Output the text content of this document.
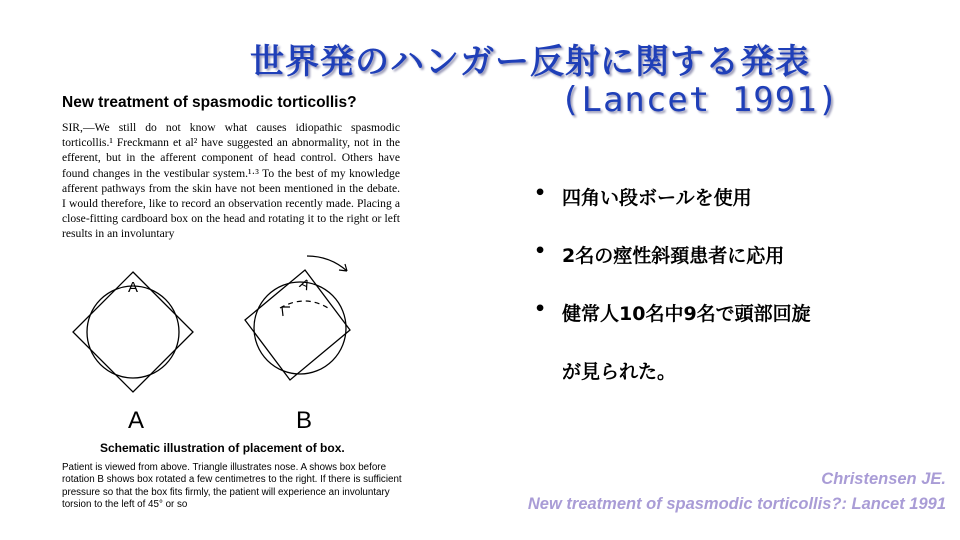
世界発のハンガー反射に関する発表
(Lancet 1991)
New treatment of spasmodic torticollis?
SIR,—We still do not know what causes idiopathic spasmodic torticollis.¹ Freckmann et al² have suggested an abnormality, not in the efferent, but in the afferent component of head control. Others have found changes in the vestibular system.¹·³ To the best of my knowledge afferent pathways from the skin have not been mentioned in the debate. I would therefore, like to record an observation recently made. Placing a close-fitting cardboard box on the head and rotating it to the right or left results in an involuntary
A
A
A
B
Schematic illustration of placement of box.
Patient is viewed from above. Triangle illustrates nose. A shows box before rotation B shows box rotated a few centimetres to the right. If there is sufficient pressure so that the box fits firmly, the patient will experience an involuntary torsion to the left of 45° or so
• 四角い段ボールを使用
• 2名の痙性斜頚患者に応用
• 健常人10名中9名で頭部回旋
が見られた。
Christensen JE.
New treatment of spasmodic torticollis?: Lancet 1991
